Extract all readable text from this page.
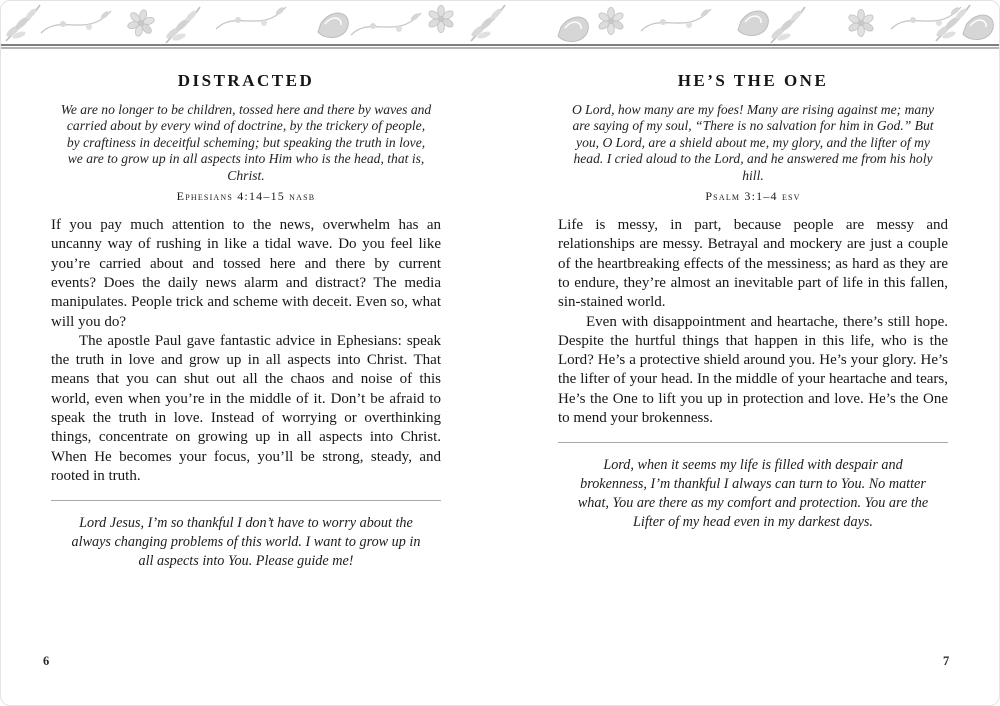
DISTRACTED
We are no longer to be children, tossed here and there by waves and carried about by every wind of doctrine, by the trickery of people, by craftiness in deceitful scheming; but speaking the truth in love, we are to grow up in all aspects into Him who is the head, that is, Christ.
Ephesians 4:14–15 nasb

If you pay much attention to the news, overwhelm has an uncanny way of rushing in like a tidal wave. Do you feel like you’re carried about and tossed here and there by current events? Does the daily news alarm and distract? The media manipulates. People trick and scheme with deceit. Even so, what will you do?

The apostle Paul gave fantastic advice in Ephesians: speak the truth in love and grow up in all aspects into Christ. That means that you can shut out all the chaos and noise of this world, even when you’re in the middle of it. Don’t be afraid to speak the truth in love. Instead of worrying or overthinking things, concentrate on growing up in all aspects into Christ. When He becomes your focus, you’ll be strong, steady, and rooted in truth.

Lord Jesus, I’m so thankful I don’t have to worry about the always changing problems of this world. I want to grow up in all aspects into You. Please guide me!
HE’S THE ONE
O Lord, how many are my foes! Many are rising against me; many are saying of my soul, “There is no salvation for him in God.” But you, O Lord, are a shield about me, my glory, and the lifter of my head. I cried aloud to the Lord, and he answered me from his holy hill.
Psalm 3:1–4 esv

Life is messy, in part, because people are messy and relationships are messy. Betrayal and mockery are just a couple of the heartbreaking effects of the messiness; as hard as they are to endure, they’re almost an inevitable part of life in this fallen, sin-stained world.

Even with disappointment and heartache, there’s still hope. Despite the hurtful things that happen in this life, who is the Lord? He’s a protective shield around you. He’s your glory. He’s the lifter of your head. In the middle of your heartache and tears, He’s the One to lift you up in protection and love. He’s the One to mend your brokenness.

Lord, when it seems my life is filled with despair and brokenness, I’m thankful I always can turn to You. No matter what, You are there as my comfort and protection. You are the Lifter of my head even in my darkest days.
6	7
